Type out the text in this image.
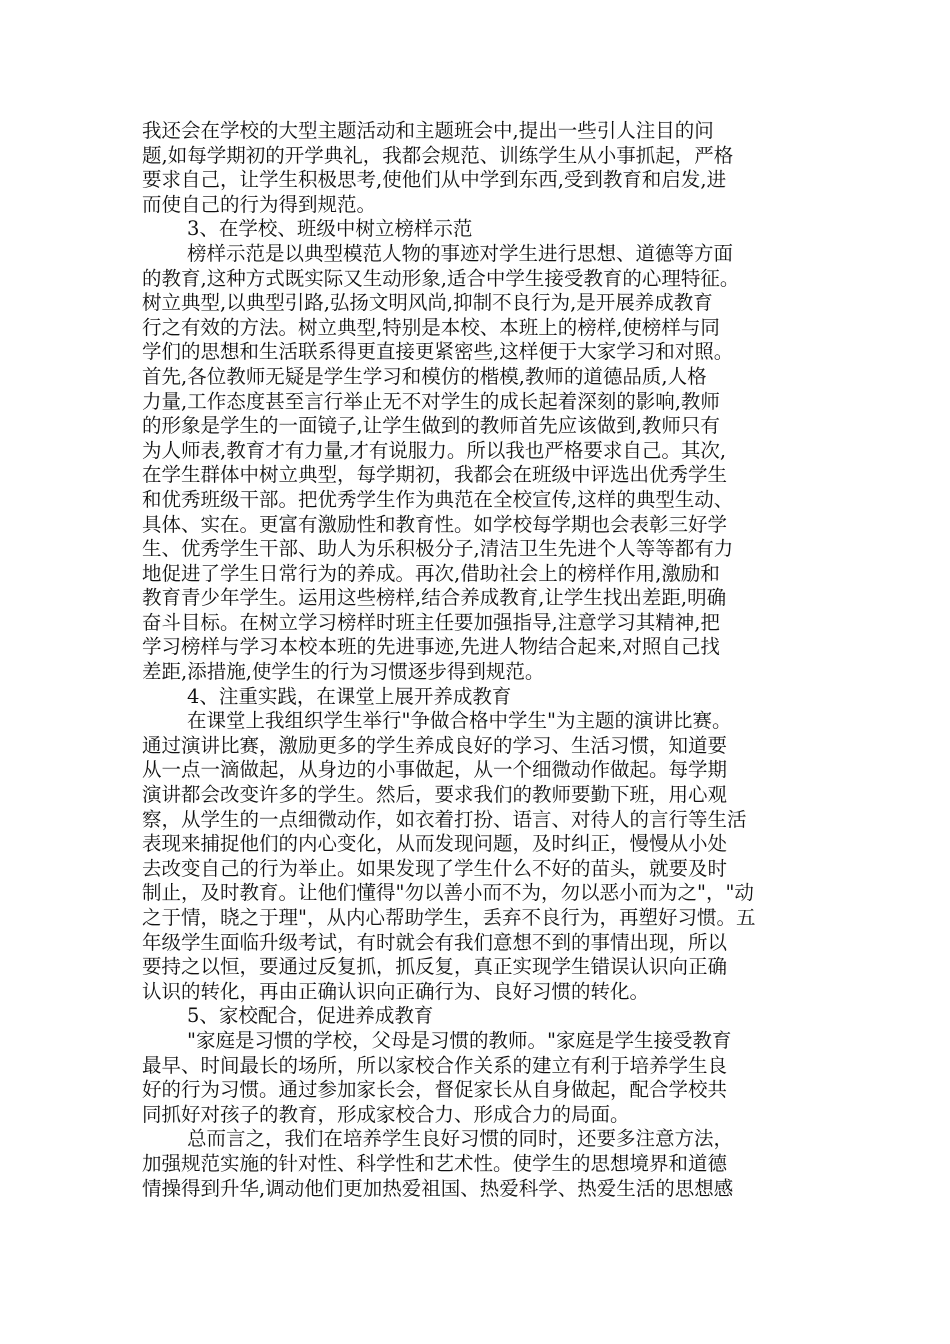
我还会在学校的大型主题活动和主题班会中,提出一些引人注目的问
题,如每学期初的开学典礼，我都会规范、训练学生从小事抓起，严格
要求自己，让学生积极思考,使他们从中学到东西,受到教育和启发,进
而使自己的行为得到规范。
3、在学校、班级中树立榜样示范
榜样示范是以典型模范人物的事迹对学生进行思想、道德等方面
的教育,这种方式既实际又生动形象,适合中学生接受教育的心理特征。
树立典型,以典型引路,弘扬文明风尚,抑制不良行为,是开展养成教育
行之有效的方法。树立典型,特别是本校、本班上的榜样,使榜样与同
学们的思想和生活联系得更直接更紧密些,这样便于大家学习和对照。
首先,各位教师无疑是学生学习和模仿的楷模,教师的道德品质,人格
力量,工作态度甚至言行举止无不对学生的成长起着深刻的影响,教师
的形象是学生的一面镜子,让学生做到的教师首先应该做到,教师只有
为人师表,教育才有力量,才有说服力。所以我也严格要求自己。其次,
在学生群体中树立典型，每学期初，我都会在班级中评选出优秀学生
和优秀班级干部。把优秀学生作为典范在全校宣传,这样的典型生动、
具体、实在。更富有激励性和教育性。如学校每学期也会表彰三好学
生、优秀学生干部、助人为乐积极分子,清洁卫生先进个人等等都有力
地促进了学生日常行为的养成。再次,借助社会上的榜样作用,激励和
教育青少年学生。运用这些榜样,结合养成教育,让学生找出差距,明确
奋斗目标。在树立学习榜样时班主任要加强指导,注意学习其精神,把
学习榜样与学习本校本班的先进事迹,先进人物结合起来,对照自己找
差距,添措施,使学生的行为习惯逐步得到规范。
4、注重实践，在课堂上展开养成教育
在课堂上我组织学生举行"争做合格中学生"为主题的演讲比赛。
通过演讲比赛，激励更多的学生养成良好的学习、生活习惯，知道要
从一点一滴做起，从身边的小事做起，从一个细微动作做起。每学期
演讲都会改变许多的学生。然后，要求我们的教师要勤下班，用心观
察，从学生的一点细微动作，如衣着打扮、语言、对待人的言行等生活
表现来捕捉他们的内心变化，从而发现问题，及时纠正，慢慢从小处
去改变自己的行为举止。如果发现了学生什么不好的苗头，就要及时
制止，及时教育。让他们懂得"勿以善小而不为，勿以恶小而为之"，"动
之于情，晓之于理"，从内心帮助学生，丢弃不良行为，再塑好习惯。五
年级学生面临升级考试，有时就会有我们意想不到的事情出现，所以
要持之以恒，要通过反复抓，抓反复，真正实现学生错误认识向正确
认识的转化，再由正确认识向正确行为、良好习惯的转化。
5、家校配合，促进养成教育
"家庭是习惯的学校，父母是习惯的教师。"家庭是学生接受教育
最早、时间最长的场所，所以家校合作关系的建立有利于培养学生良
好的行为习惯。通过参加家长会，督促家长从自身做起，配合学校共
同抓好对孩子的教育，形成家校合力、形成合力的局面。
总而言之，我们在培养学生良好习惯的同时，还要多注意方法，
加强规范实施的针对性、科学性和艺术性。使学生的思想境界和道德
情操得到升华,调动他们更加热爱祖国、热爱科学、热爱生活的思想感
